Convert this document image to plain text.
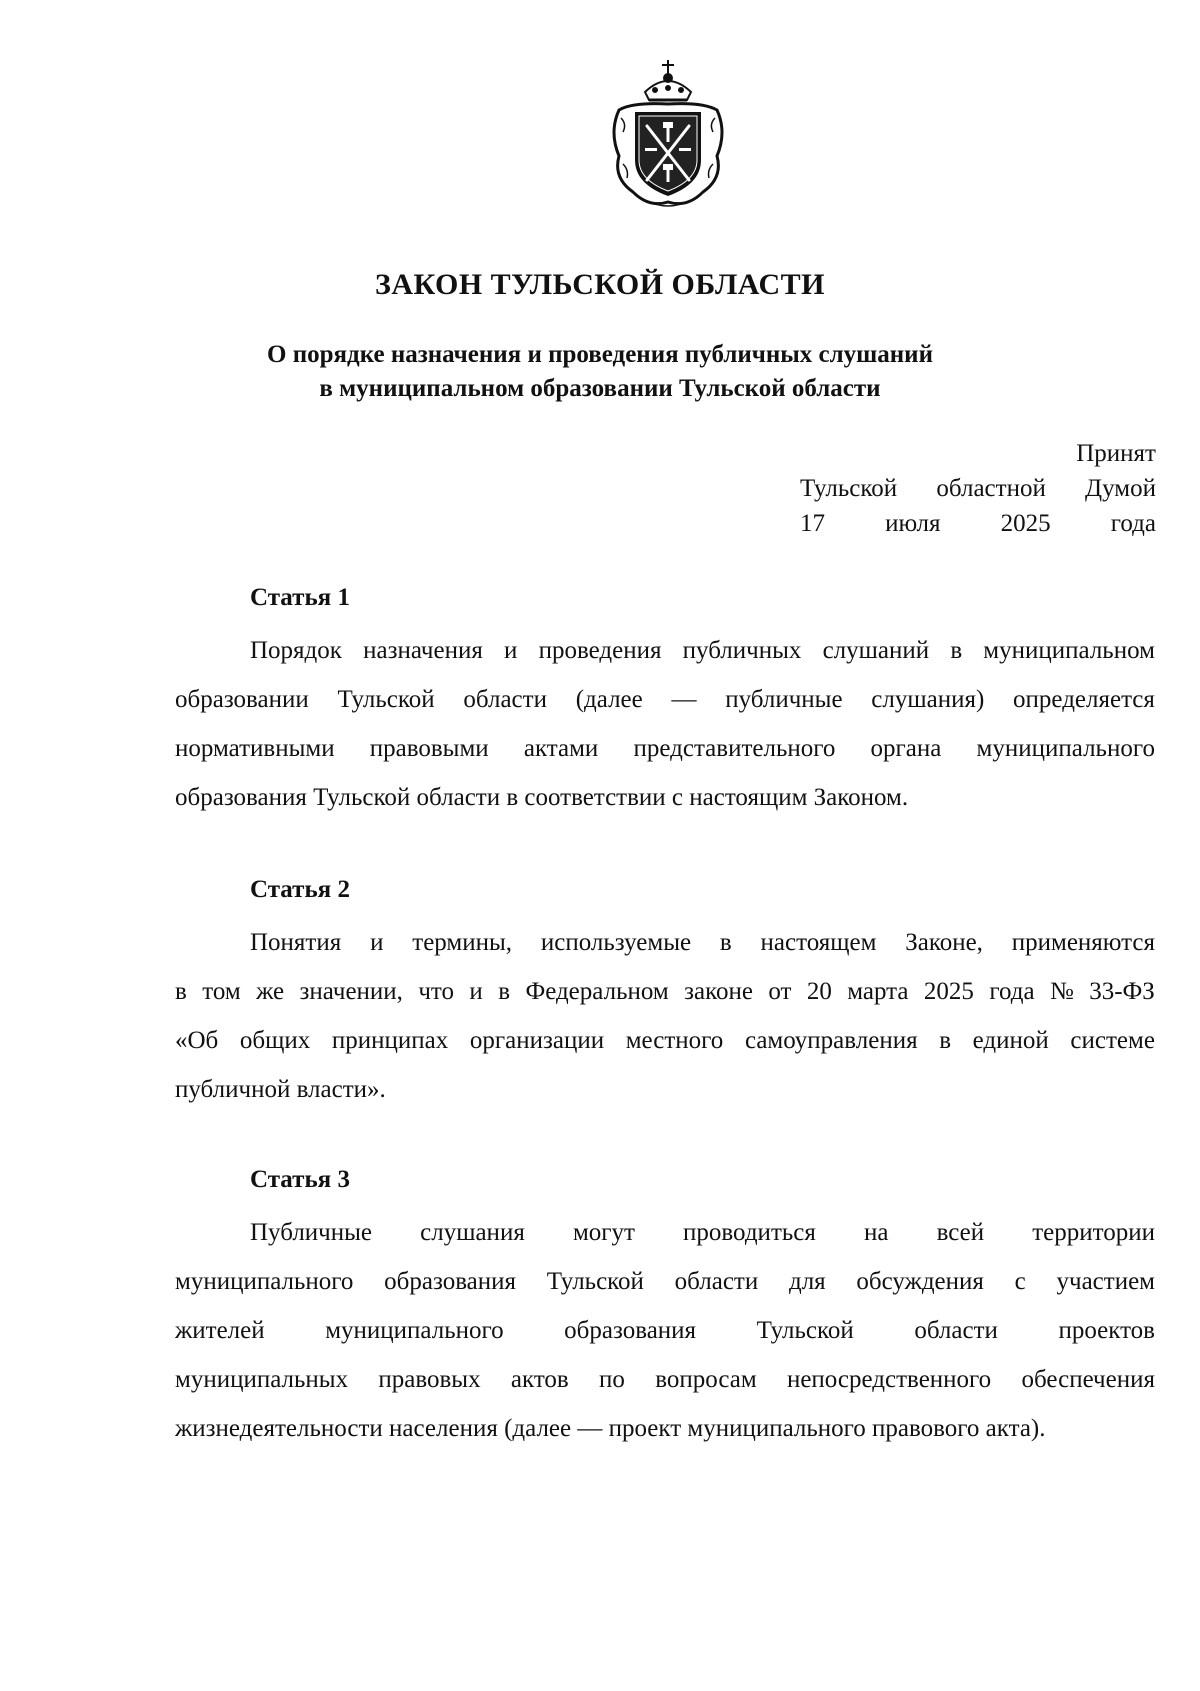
ЗАКОН ТУЛЬСКОЙ ОБЛАСТИ
О порядке назначения и проведения публичных слушаний
в муниципальном образовании Тульской области
Принят
Тульской областной Думой
17 июля 2025 года
Статья 1
Порядок назначения и проведения публичных слушаний в муниципальном
образовании Тульской области (далее — публичные слушания) определяется
нормативными правовыми актами представительного органа муниципального
образования Тульской области в соответствии с настоящим Законом.
Статья 2
Понятия и термины, используемые в настоящем Законе, применяются
в том же значении, что и в Федеральном законе от 20 марта 2025 года № 33-ФЗ
«Об общих принципах организации местного самоуправления в единой системе
публичной власти».
Статья 3
Публичные слушания могут проводиться на всей территории
муниципального образования Тульской области для обсуждения с участием
жителей муниципального образования Тульской области проектов
муниципальных правовых актов по вопросам непосредственного обеспечения
жизнедеятельности населения (далее — проект муниципального правового акта).
